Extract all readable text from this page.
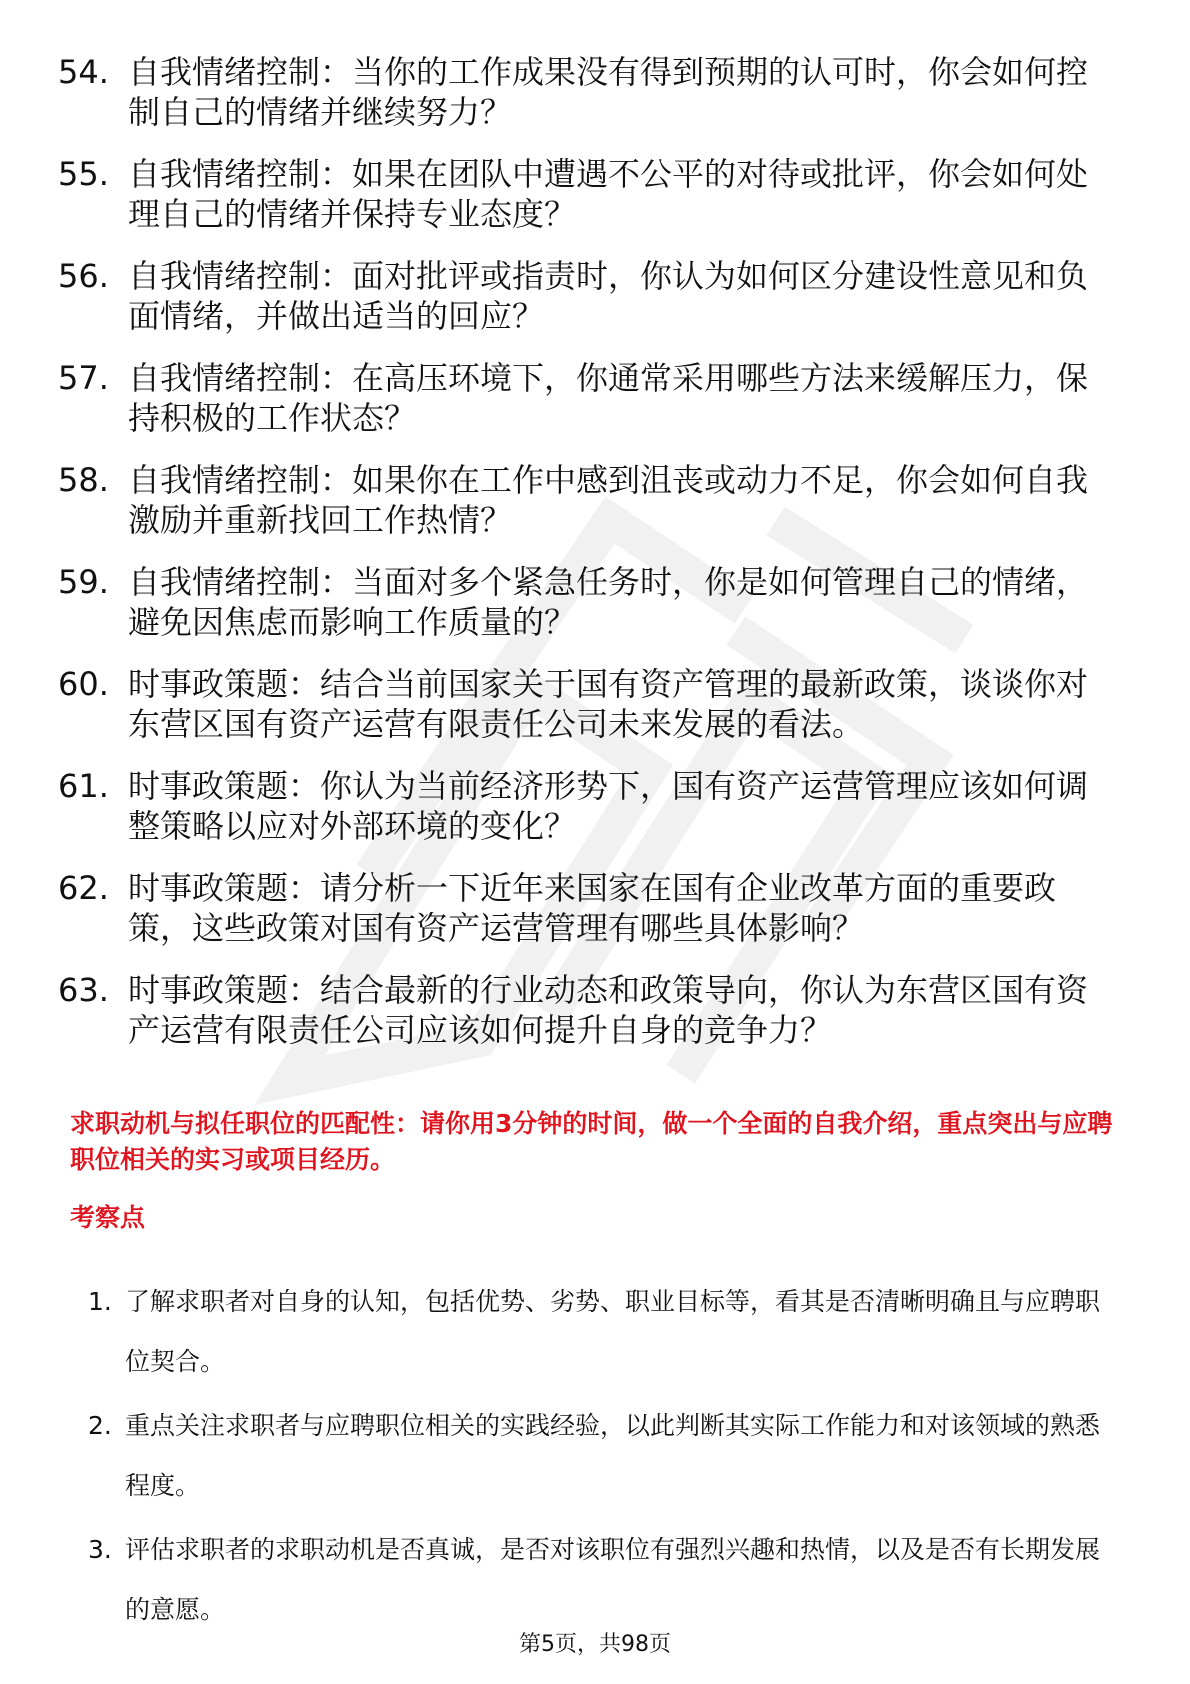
54. 自我情绪控制：当你的工作成果没有得到预期的认可时，你会如何控制自己的情绪并继续努力？
55. 自我情绪控制：如果在团队中遭遇不公平的对待或批评，你会如何处理自己的情绪并保持专业态度？
56. 自我情绪控制：面对批评或指责时，你认为如何区分建设性意见和负面情绪，并做出适当的回应？
57. 自我情绪控制：在高压环境下，你通常采用哪些方法来缓解压力，保持积极的工作状态？
58. 自我情绪控制：如果你在工作中感到沮丧或动力不足，你会如何自我激励并重新找回工作热情？
59. 自我情绪控制：当面对多个紧急任务时，你是如何管理自己的情绪，避免因焦虑而影响工作质量的？
60. 时事政策题：结合当前国家关于国有资产管理的最新政策，谈谈你对东营区国有资产运营有限责任公司未来发展的看法。
61. 时事政策题：你认为当前经济形势下，国有资产运营管理应该如何调整策略以应对外部环境的变化？
62. 时事政策题：请分析一下近年来国家在国有企业改革方面的重要政策，这些政策对国有资产运营管理有哪些具体影响？
63. 时事政策题：结合最新的行业动态和政策导向，你认为东营区国有资产运营有限责任公司应该如何提升自身的竞争力？
求职动机与拟任职位的匹配性：请你用3分钟的时间，做一个全面的自我介绍，重点突出与应聘职位相关的实习或项目经历。
考察点
1. 了解求职者对自身的认知，包括优势、劣势、职业目标等，看其是否清晰明确且与应聘职位契合。
2. 重点关注求职者与应聘职位相关的实践经验，以此判断其实际工作能力和对该领域的熟悉程度。
3. 评估求职者的求职动机是否真诚，是否对该职位有强烈兴趣和热情，以及是否有长期发展的意愿。
第5页，共98页
